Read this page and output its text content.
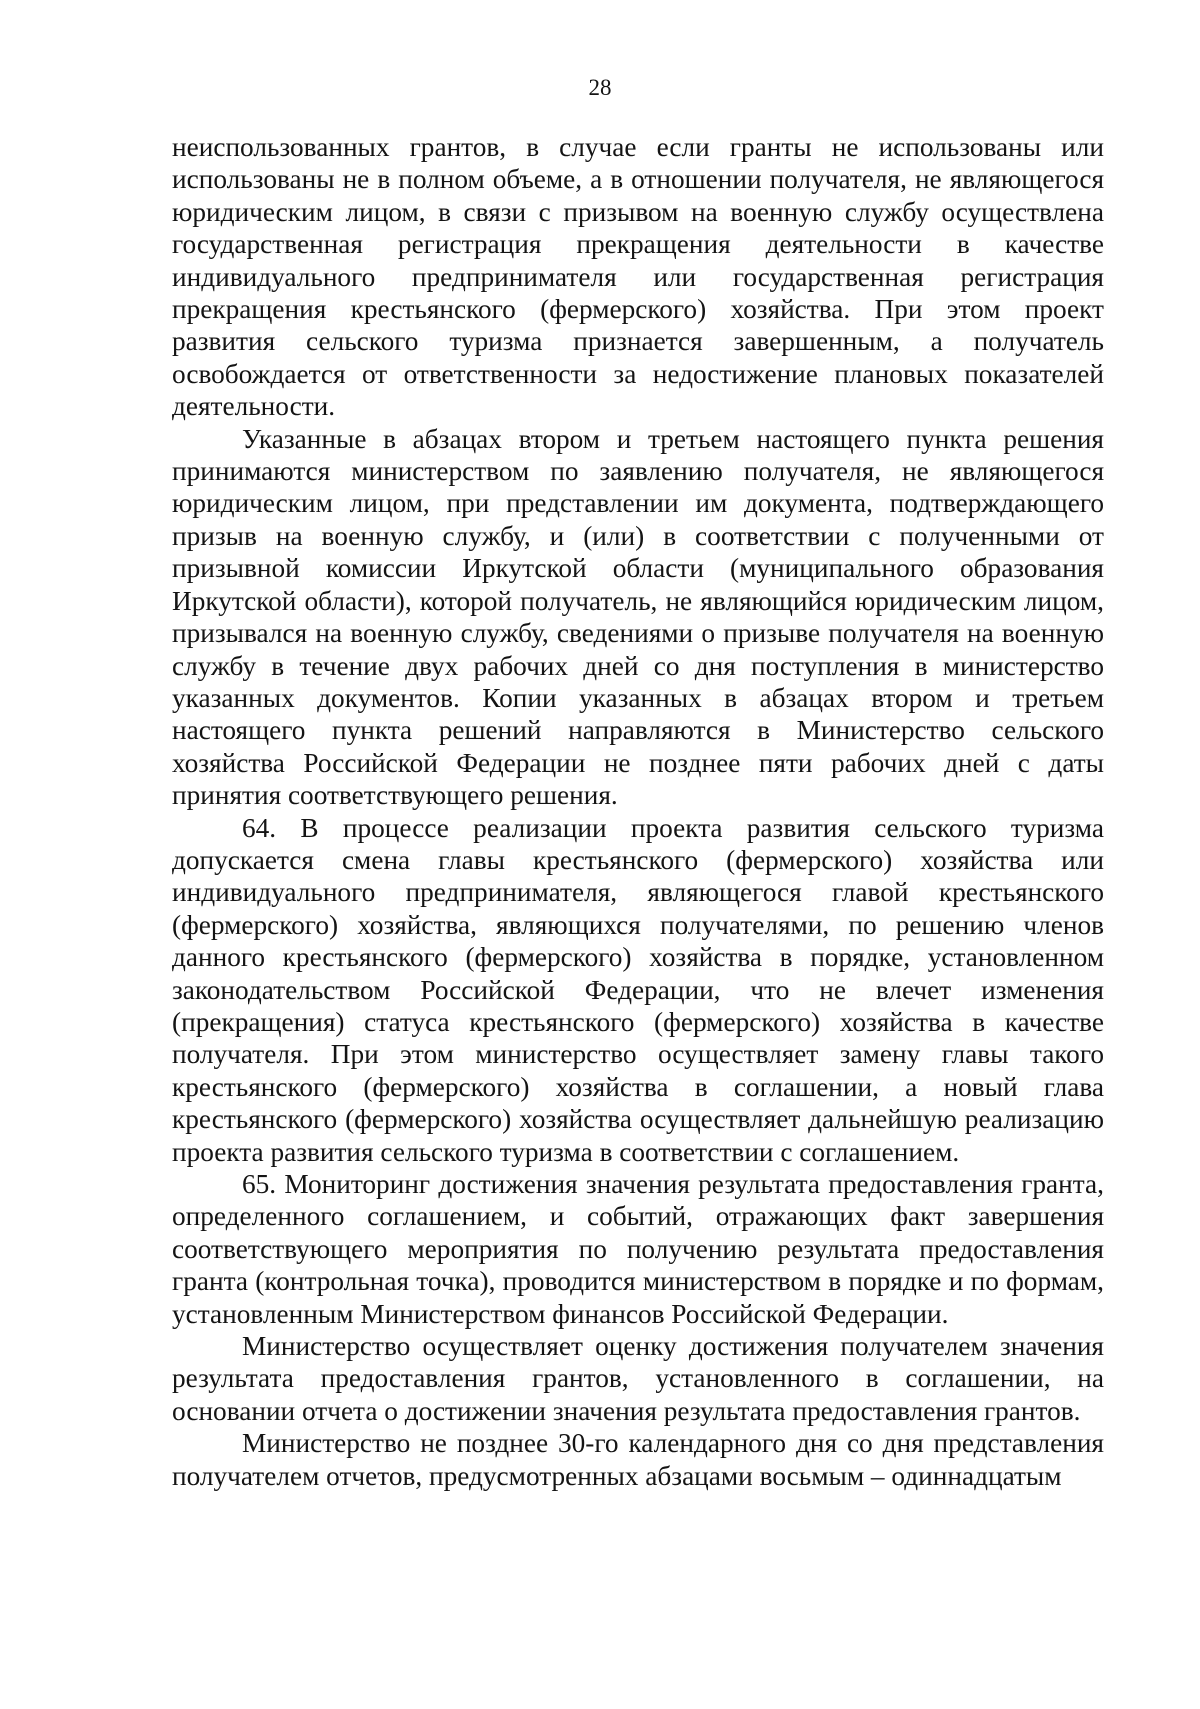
28

неиспользованных грантов, в случае если гранты не использованы или использованы не в полном объеме, а в отношении получателя, не являющегося юридическим лицом, в связи с призывом на военную службу осуществлена государственная регистрация прекращения деятельности в качестве индивидуального предпринимателя или государственная регистрация прекращения крестьянского (фермерского) хозяйства. При этом проект развития сельского туризма признается завершенным, а получатель освобождается от ответственности за недостижение плановых показателей деятельности.

Указанные в абзацах втором и третьем настоящего пункта решения принимаются министерством по заявлению получателя, не являющегося юридическим лицом, при представлении им документа, подтверждающего призыв на военную службу, и (или) в соответствии с полученными от призывной комиссии Иркутской области (муниципального образования Иркутской области), которой получатель, не являющийся юридическим лицом, призывался на военную службу, сведениями о призыве получателя на военную службу в течение двух рабочих дней со дня поступления в министерство указанных документов. Копии указанных в абзацах втором и третьем настоящего пункта решений направляются в Министерство сельского хозяйства Российской Федерации не позднее пяти рабочих дней с даты принятия соответствующего решения.

64. В процессе реализации проекта развития сельского туризма допускается смена главы крестьянского (фермерского) хозяйства или индивидуального предпринимателя, являющегося главой крестьянского (фермерского) хозяйства, являющихся получателями, по решению членов данного крестьянского (фермерского) хозяйства в порядке, установленном законодательством Российской Федерации, что не влечет изменения (прекращения) статуса крестьянского (фермерского) хозяйства в качестве получателя. При этом министерство осуществляет замену главы такого крестьянского (фермерского) хозяйства в соглашении, а новый глава крестьянского (фермерского) хозяйства осуществляет дальнейшую реализацию проекта развития сельского туризма в соответствии с соглашением.

65. Мониторинг достижения значения результата предоставления гранта, определенного соглашением, и событий, отражающих факт завершения соответствующего мероприятия по получению результата предоставления гранта (контрольная точка), проводится министерством в порядке и по формам, установленным Министерством финансов Российской Федерации.

Министерство осуществляет оценку достижения получателем значения результата предоставления грантов, установленного в соглашении, на основании отчета о достижении значения результата предоставления грантов.

Министерство не позднее 30-го календарного дня со дня представления получателем отчетов, предусмотренных абзацами восьмым – одиннадцатым
